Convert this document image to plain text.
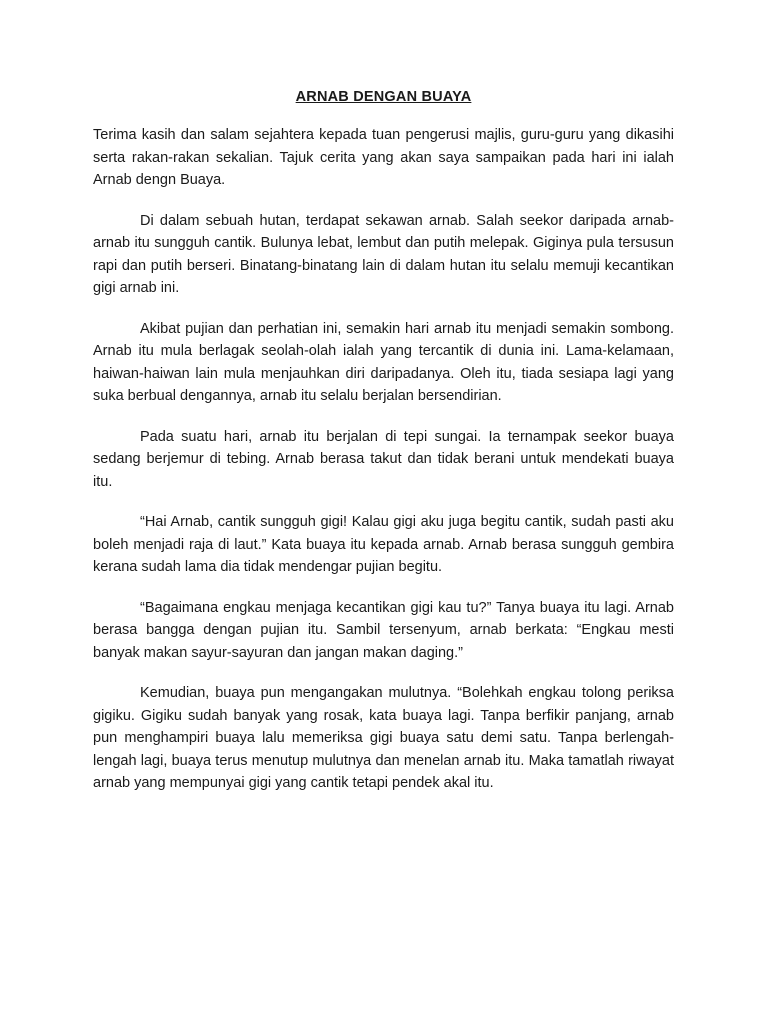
ARNAB DENGAN BUAYA

Terima kasih dan salam sejahtera kepada tuan pengerusi majlis, guru-guru yang dikasihi serta rakan-rakan sekalian. Tajuk cerita yang akan saya sampaikan pada hari ini ialah Arnab dengn Buaya.

Di dalam sebuah hutan, terdapat sekawan arnab. Salah seekor daripada arnab-arnab itu sungguh cantik. Bulunya lebat, lembut dan putih melepak. Giginya pula tersusun rapi dan putih berseri. Binatang-binatang lain di dalam hutan itu selalu memuji kecantikan gigi arnab ini.

Akibat pujian dan perhatian ini, semakin hari arnab itu menjadi semakin sombong. Arnab itu mula berlagak seolah-olah ialah yang tercantik di dunia ini. Lama-kelamaan, haiwan-haiwan lain mula menjauhkan diri daripadanya. Oleh itu, tiada sesiapa lagi yang suka berbual dengannya, arnab itu selalu berjalan bersendirian.

Pada suatu hari, arnab itu berjalan di tepi sungai. Ia ternampak seekor buaya sedang berjemur di tebing. Arnab berasa takut dan tidak berani untuk mendekati buaya itu.

“Hai Arnab, cantik sungguh gigi! Kalau gigi aku juga begitu cantik, sudah pasti aku boleh menjadi raja di laut.” Kata buaya itu kepada arnab. Arnab berasa sungguh gembira kerana sudah lama dia tidak mendengar pujian begitu.

“Bagaimana engkau menjaga kecantikan gigi kau tu?” Tanya buaya itu lagi. Arnab berasa bangga dengan pujian itu. Sambil tersenyum, arnab berkata: “Engkau mesti banyak makan sayur-sayuran dan jangan makan daging.”

Kemudian, buaya pun mengangakan mulutnya. “Bolehkah engkau tolong periksa gigiku. Gigiku sudah banyak yang rosak, kata buaya lagi. Tanpa berfikir panjang, arnab pun menghampiri buaya lalu memeriksa gigi buaya satu demi satu. Tanpa berlengah-lengah lagi, buaya terus menutup mulutnya dan menelan arnab itu. Maka tamatlah riwayat arnab yang mempunyai gigi yang cantik tetapi pendek akal itu.
